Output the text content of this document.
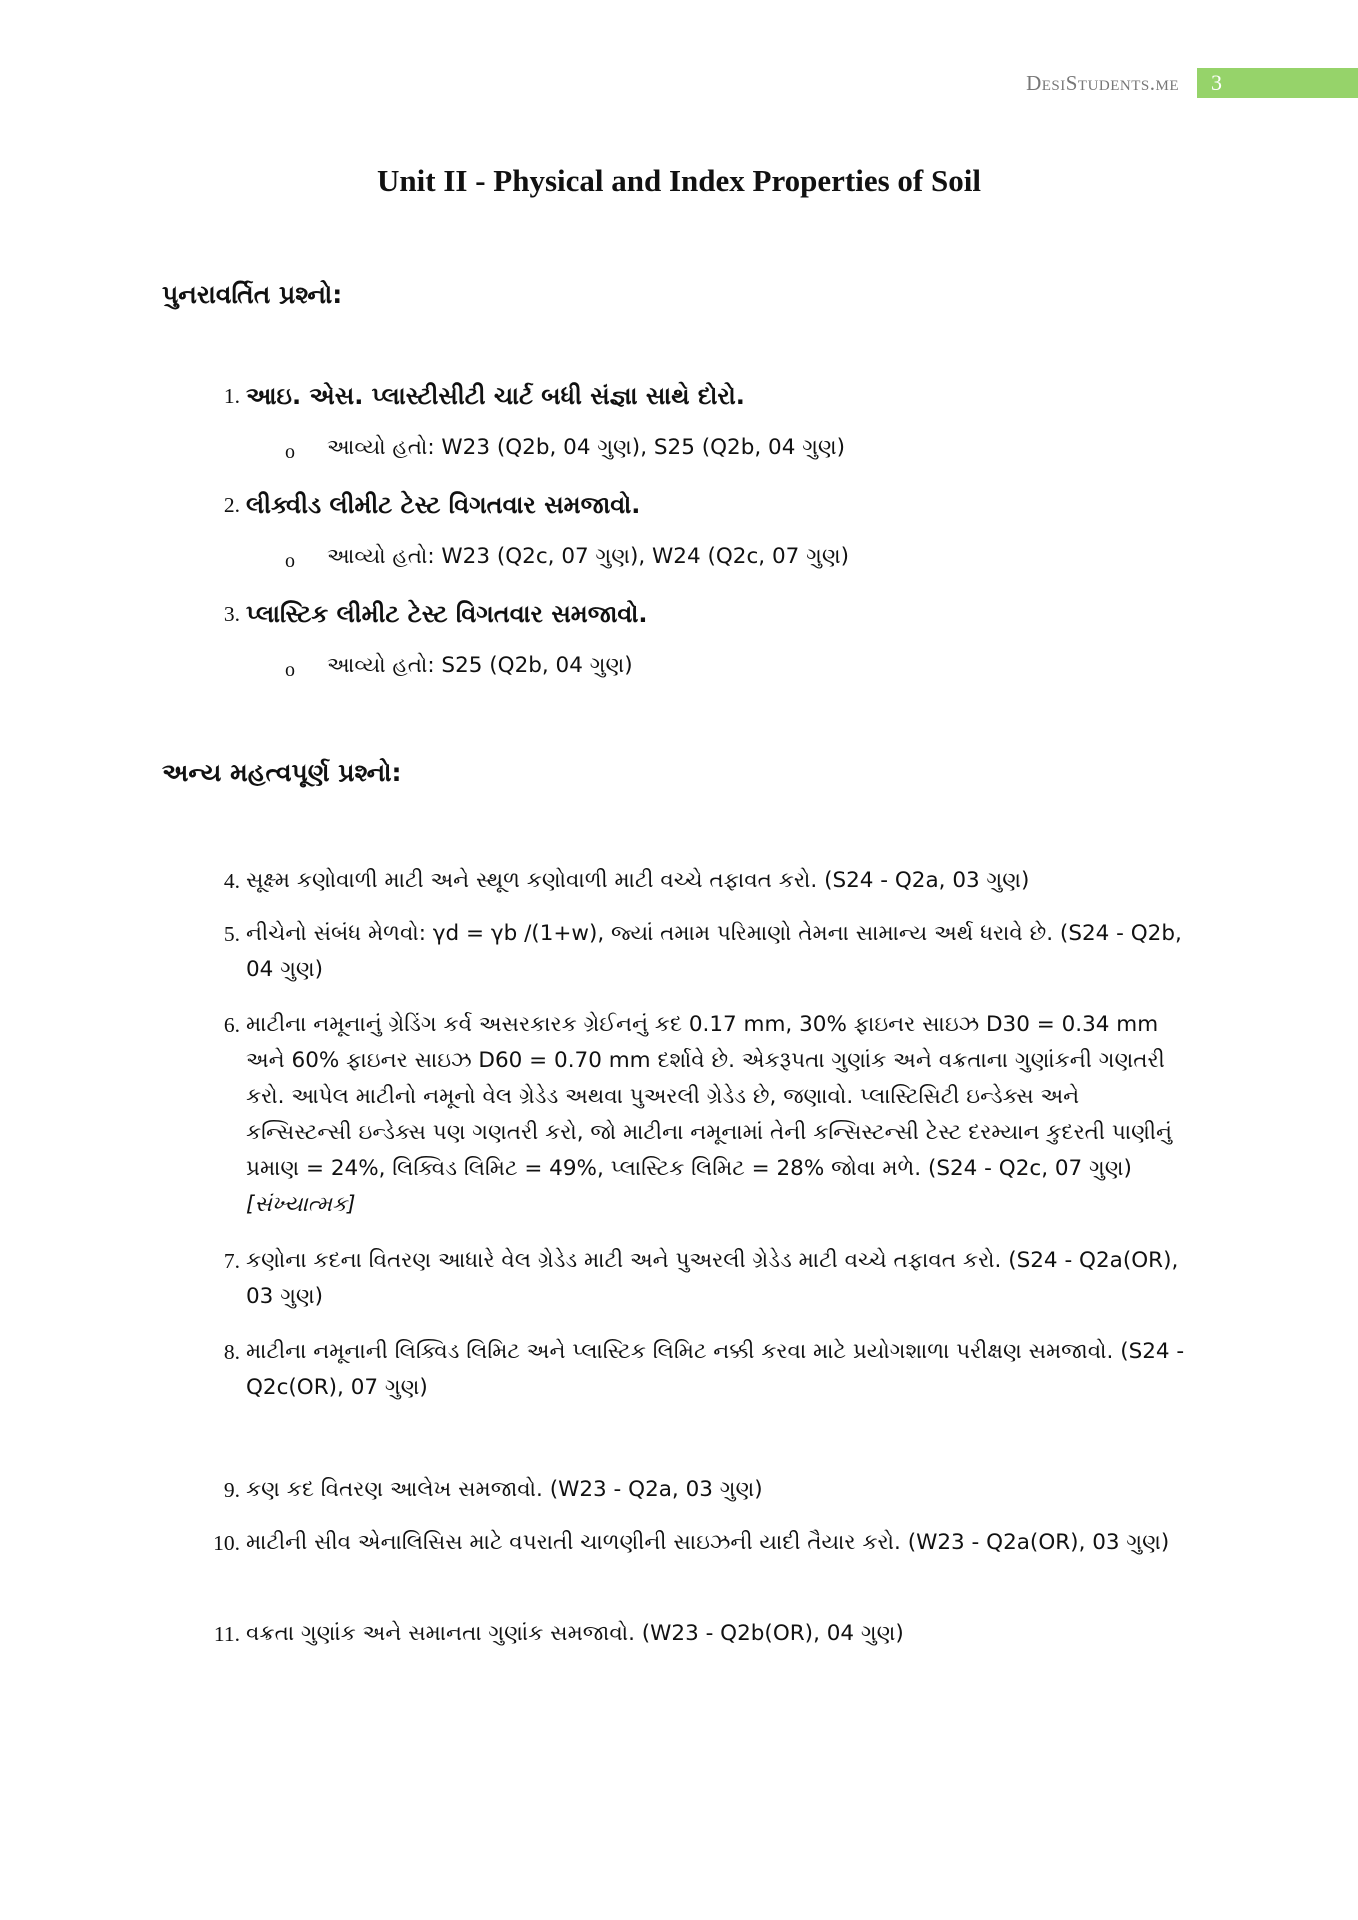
DesiStudents.me	3
Unit II - Physical and Index Properties of Soil
પુનરાવર્તિત પ્રશ્નો:
1. આઇ. એસ. પ્લાસ્ટીસીટી ચાર્ટ બધી સંજ્ઞા સાથે દોરો.
o આવ્યો હતો: W23 (Q2b, 04 ગુણ), S25 (Q2b, 04 ગુણ)
2. લીક્વીડ લીમીટ ટેસ્ટ વિગતવાર સમજાવો.
o આવ્યો હતો: W23 (Q2c, 07 ગુણ), W24 (Q2c, 07 ગુણ)
3. પ્લાસ્ટિક લીમીટ ટેસ્ટ વિગતવાર સમજાવો.
o આવ્યો હતો: S25 (Q2b, 04 ગુણ)
અન્ય મહત્વપૂર્ણ પ્રશ્નો:
4. સૂક્ષ્મ કણોવાળી માટી અને સ્થૂળ કણોવાળી માટી વચ્ચે તફાવત કરો. (S24 - Q2a, 03 ગુણ)
5. નીચેનો સંબંધ મેળવો: γd = γb /(1+w), જ્યાં તમામ પરિમાણો તેમના સામાન્ય અર્થ ધરાવે છે. (S24 - Q2b, 04 ગુણ)
6. માટીના નમૂનાનું ગ્રેડિંગ કર્વ અસરકારક ગ્રેઈનનું કદ 0.17 mm, 30% ફાઇનર સાઇઝ D30 = 0.34 mm અને 60% ફાઇનર સાઇઝ D60 = 0.70 mm દર્શાવે છે. એકરૂપતા ગુણાંક અને વક્રતાના ગુણાંકની ગણતરી કરો. આપેલ માટીનો નમૂનો વેલ ગ્રેડેડ અથવા પુઅરલી ગ્રેડેડ છે, જણાવો. પ્લાસ્ટિસિટી ઇન્ડેક્સ અને કન્સિસ્ટન્સી ઇન્ડેક્સ પણ ગણતરી કરો, જો માટીના નમૂનામાં તેની કન્સિસ્ટન્સી ટેસ્ટ દરમ્યાન કુદરતી પાણીનું પ્રમાણ = 24%, લિક્વિડ લિમિટ = 49%, પ્લાસ્ટિક લિમિટ = 28% જોવા મળે. (S24 - Q2c, 07 ગુણ) [સંખ્યાત્મક]
7. કણોના કદના વિતરણ આધારે વેલ ગ્રેડેડ માટી અને પુઅરલી ગ્રેડેડ માટી વચ્ચે તફાવત કરો. (S24 - Q2a(OR), 03 ગુણ)
8. માટીના નમૂનાની લિક્વિડ લિમિટ અને પ્લાસ્ટિક લિમિટ નક્કી કરવા માટે પ્રયોગશાળા પરીક્ષણ સમજાવો. (S24 - Q2c(OR), 07 ગુણ)
9. કણ કદ વિતરણ આલેખ સમજાવો. (W23 - Q2a, 03 ગુણ)
10. માટીની સીવ એનાલિસિસ માટે વપરાતી ચાળણીની સાઇઝની યાદી તૈયાર કરો. (W23 - Q2a(OR), 03 ગુણ)
11. વક્રતા ગુણાંક અને સમાનતા ગુણાંક સમજાવો. (W23 - Q2b(OR), 04 ગુણ)
